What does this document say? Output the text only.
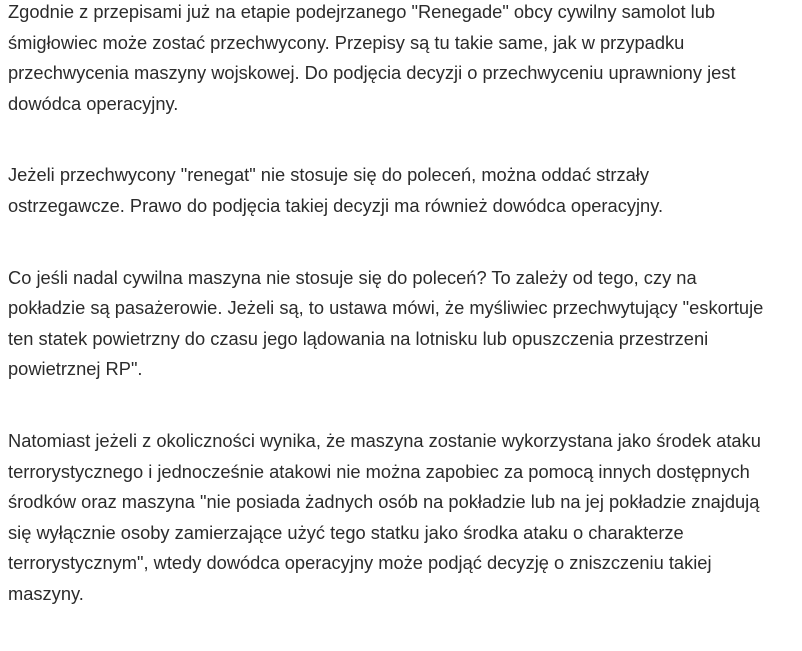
Zgodnie z przepisami już na etapie podejrzanego "Renegade" obcy cywilny samolot lub
śmigłowiec może zostać przechwycony. Przepisy są tu takie same, jak w przypadku
przechwycenia maszyny wojskowej. Do podjęcia decyzji o przechwyceniu uprawniony jest
dowódca operacyjny.

Jeżeli przechwycony "renegat" nie stosuje się do poleceń, można oddać strzały
ostrzegawcze. Prawo do podjęcia takiej decyzji ma również dowódca operacyjny.

Co jeśli nadal cywilna maszyna nie stosuje się do poleceń? To zależy od tego, czy na
pokładzie są pasażerowie. Jeżeli są, to ustawa mówi, że myśliwiec przechwytujący "eskortuje
ten statek powietrzny do czasu jego lądowania na lotnisku lub opuszczenia przestrzeni
powietrznej RP".

Natomiast jeżeli z okoliczności wynika, że maszyna zostanie wykorzystana jako środek ataku
terrorystycznego i jednocześnie atakowi nie można zapobiec za pomocą innych dostępnych
środków oraz maszyna "nie posiada żadnych osób na pokładzie lub na jej pokładzie znajdują
się wyłącznie osoby zamierzające użyć tego statku jako środka ataku o charakterze
terrorystycznym", wtedy dowódca operacyjny może podjąć decyzję o zniszczeniu takiej
maszyny.
